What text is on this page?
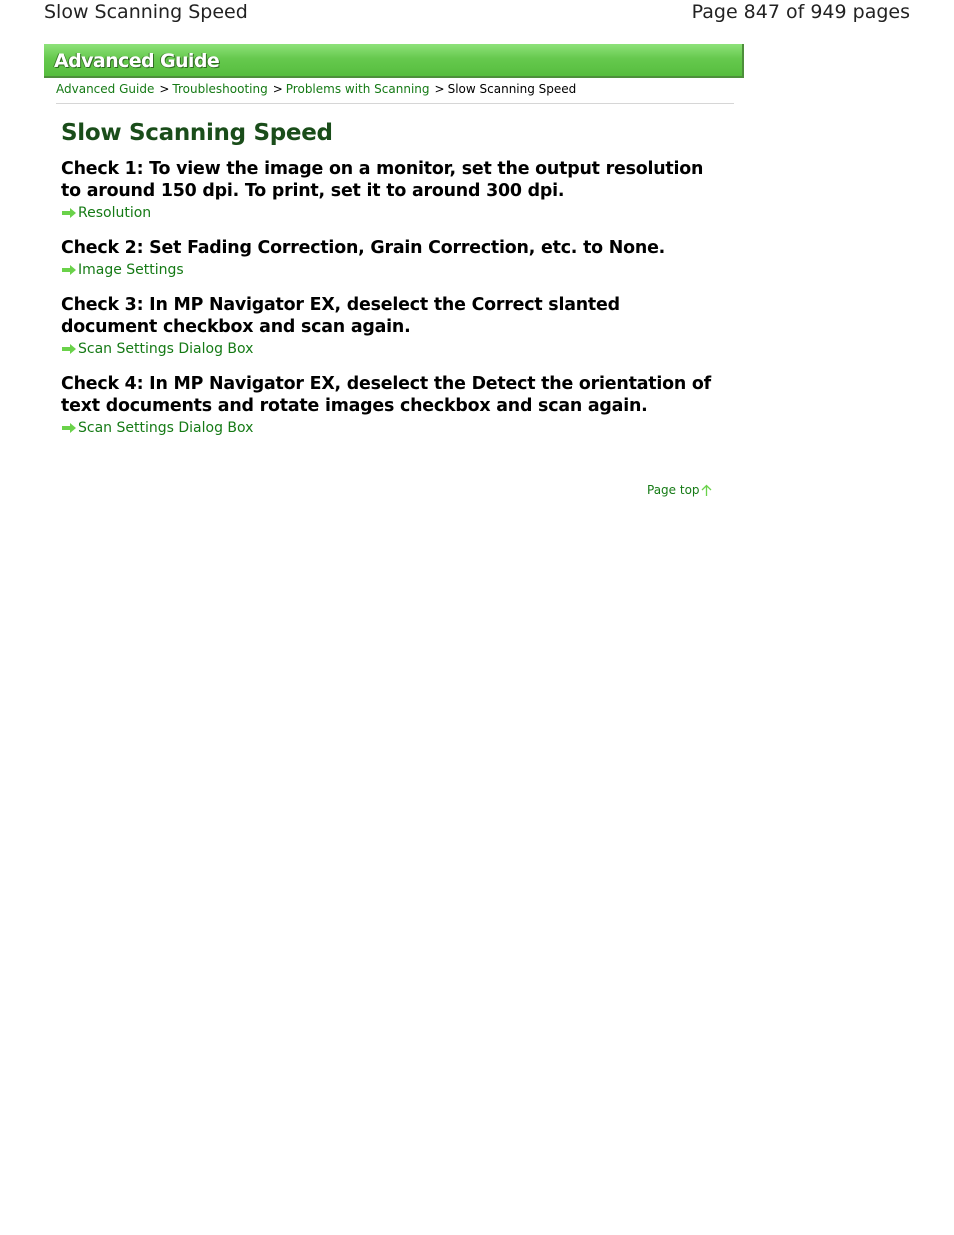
Slow Scanning Speed	Page 847 of 949 pages
Advanced Guide
Advanced Guide > Troubleshooting > Problems with Scanning > Slow Scanning Speed
Slow Scanning Speed
Check 1: To view the image on a monitor, set the output resolution to around 150 dpi. To print, set it to around 300 dpi.
Resolution
Check 2: Set Fading Correction, Grain Correction, etc. to None.
Image Settings
Check 3: In MP Navigator EX, deselect the Correct slanted document checkbox and scan again.
Scan Settings Dialog Box
Check 4: In MP Navigator EX, deselect the Detect the orientation of text documents and rotate images checkbox and scan again.
Scan Settings Dialog Box
Page top
